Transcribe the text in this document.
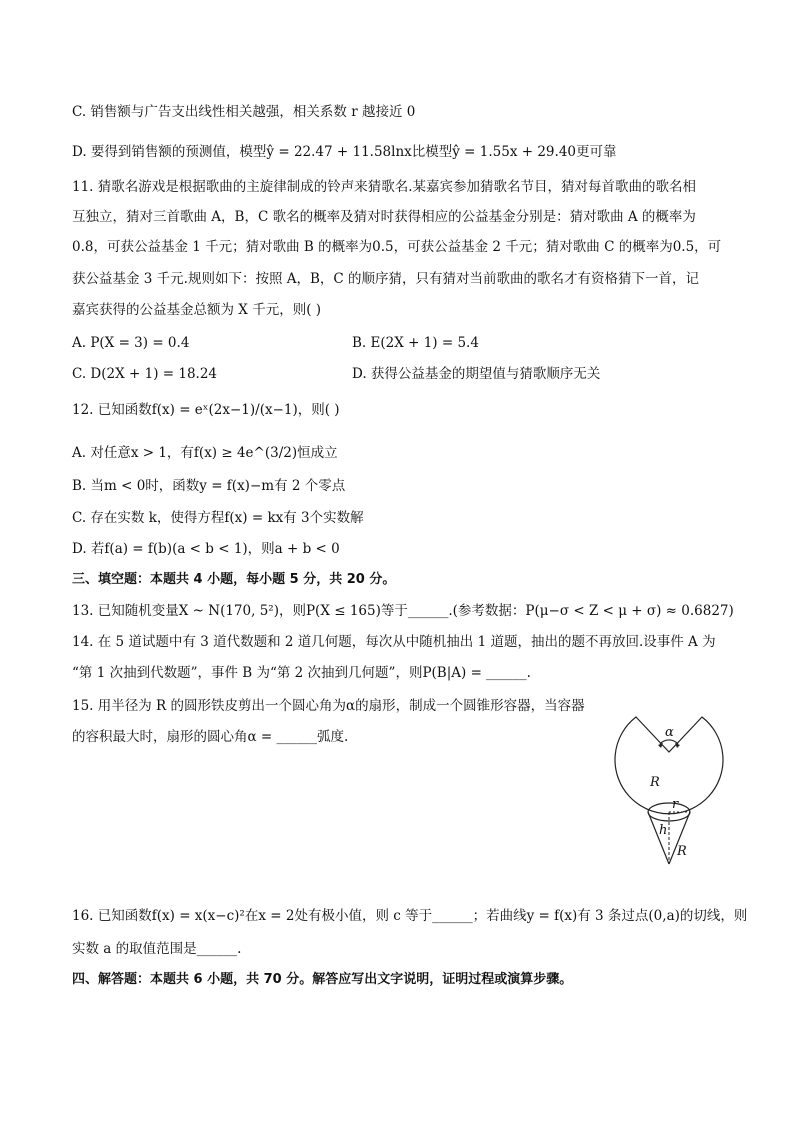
C. 销售额与广告支出线性相关越强，相关系数 r 越接近 0
D. 要得到销售额的预测值，模型ŷ = 22.47 + 11.58lnx比模型ŷ = 1.55x + 29.40更可靠
11. 猜歌名游戏是根据歌曲的主旋律制成的铃声来猜歌名.某嘉宾参加猜歌名节目，猜对每首歌曲的歌名相
互独立，猜对三首歌曲 A，B，C 歌名的概率及猜对时获得相应的公益基金分别是：猜对歌曲 A 的概率为
0.8，可获公益基金 1 千元；猜对歌曲 B 的概率为0.5，可获公益基金 2 千元；猜对歌曲 C 的概率为0.5，可
获公益基金 3 千元.规则如下：按照 A，B，C 的顺序猜，只有猜对当前歌曲的歌名才有资格猜下一首，记
嘉宾获得的公益基金总额为 X 千元，则( )
A. P(X = 3) = 0.4	B. E(2X + 1) = 5.4
C. D(2X + 1) = 18.24	D. 获得公益基金的期望值与猜歌顺序无关
12. 已知函数f(x) = eˣ(2x−1)/(x−1)，则( )
A. 对任意x > 1，有f(x) ≥ 4e^(3/2)恒成立
B. 当m < 0时，函数y = f(x)−m有 2 个零点
C. 存在实数 k，使得方程f(x) = kx有 3个实数解
D. 若f(a) = f(b)(a < b < 1)，则a + b < 0
三、填空题：本题共 4 小题，每小题 5 分，共 20 分。
13. 已知随机变量X ~ N(170, 5²)，则P(X ≤ 165)等于______.(参考数据：P(μ−σ < Z < μ + σ) ≈ 0.6827)
14. 在 5 道试题中有 3 道代数题和 2 道几何题，每次从中随机抽出 1 道题，抽出的题不再放回.设事件 A 为
“第 1 次抽到代数题”，事件 B 为“第 2 次抽到几何题”，则P(B|A) = ______.
15. 用半径为 R 的圆形铁皮剪出一个圆心角为α的扇形，制成一个圆锥形容器，当容器
的容积最大时，扇形的圆心角α = ______弧度.
16. 已知函数f(x) = x(x−c)²在x = 2处有极小值，则 c 等于______；若曲线y = f(x)有 3 条过点(0,a)的切线，则
实数 a 的取值范围是______.
四、解答题：本题共 6 小题，共 70 分。解答应写出文字说明，证明过程或演算步骤。
α
R
r
h
R
